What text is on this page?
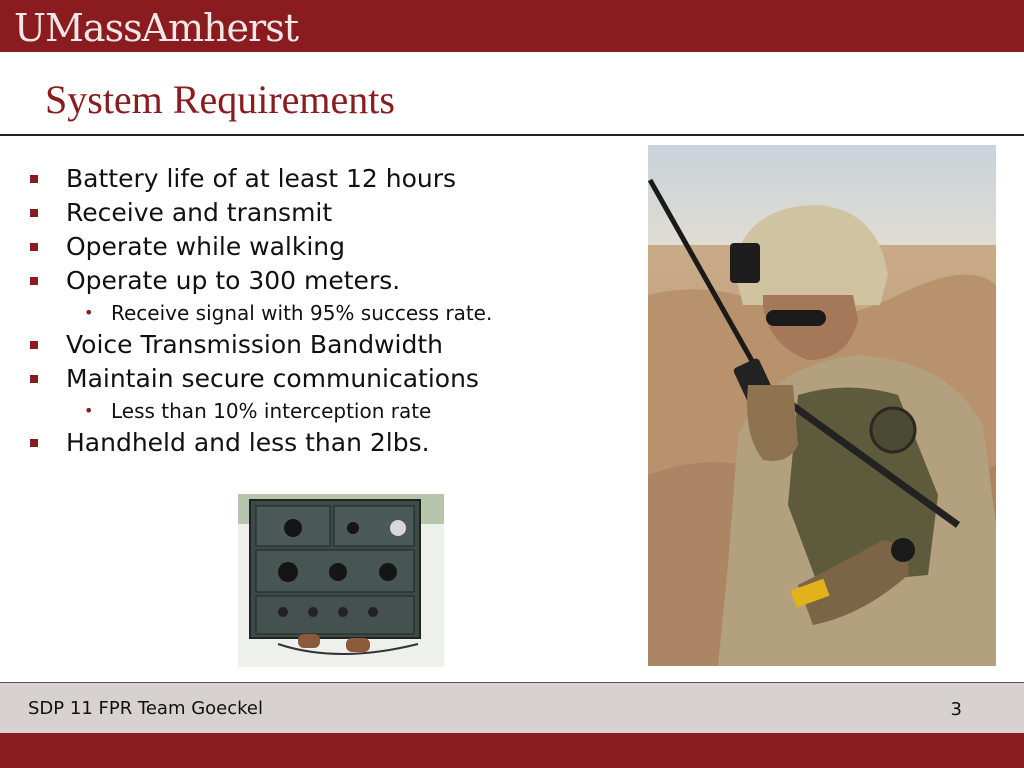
UMassAmherst
System Requirements
Battery life of at least 12 hours
Receive and transmit
Operate while walking
Operate up to 300 meters.
• Receive signal with 95% success rate.
Voice Transmission Bandwidth
Maintain secure communications
• Less than 10% interception rate
Handheld and less than 2lbs.
SDP 11 FPR Team Goeckel	3
